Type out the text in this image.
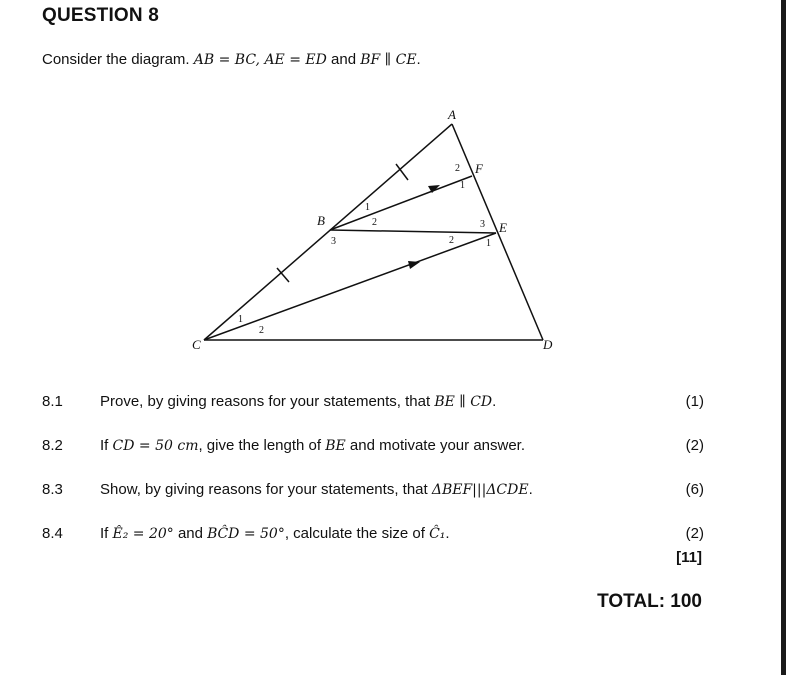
QUESTION 8
Consider the diagram. AB = BC, AE = ED and BF ∥ CE.
A
F
B	E
C	D
2
1
1
2
3
3
2	1
1
2
8.1 Prove, by giving reasons for your statements, that BE ∥ CD.	(1)
8.2 If CD = 50 cm, give the length of BE and motivate your answer.	(2)
8.3 Show, by giving reasons for your statements, that ΔBEF|||ΔCDE.	(6)
8.4 If Ê₂ = 20° and BĈD = 50°, calculate the size of Ĉ₁.	(2)
[11]
TOTAL: 100
